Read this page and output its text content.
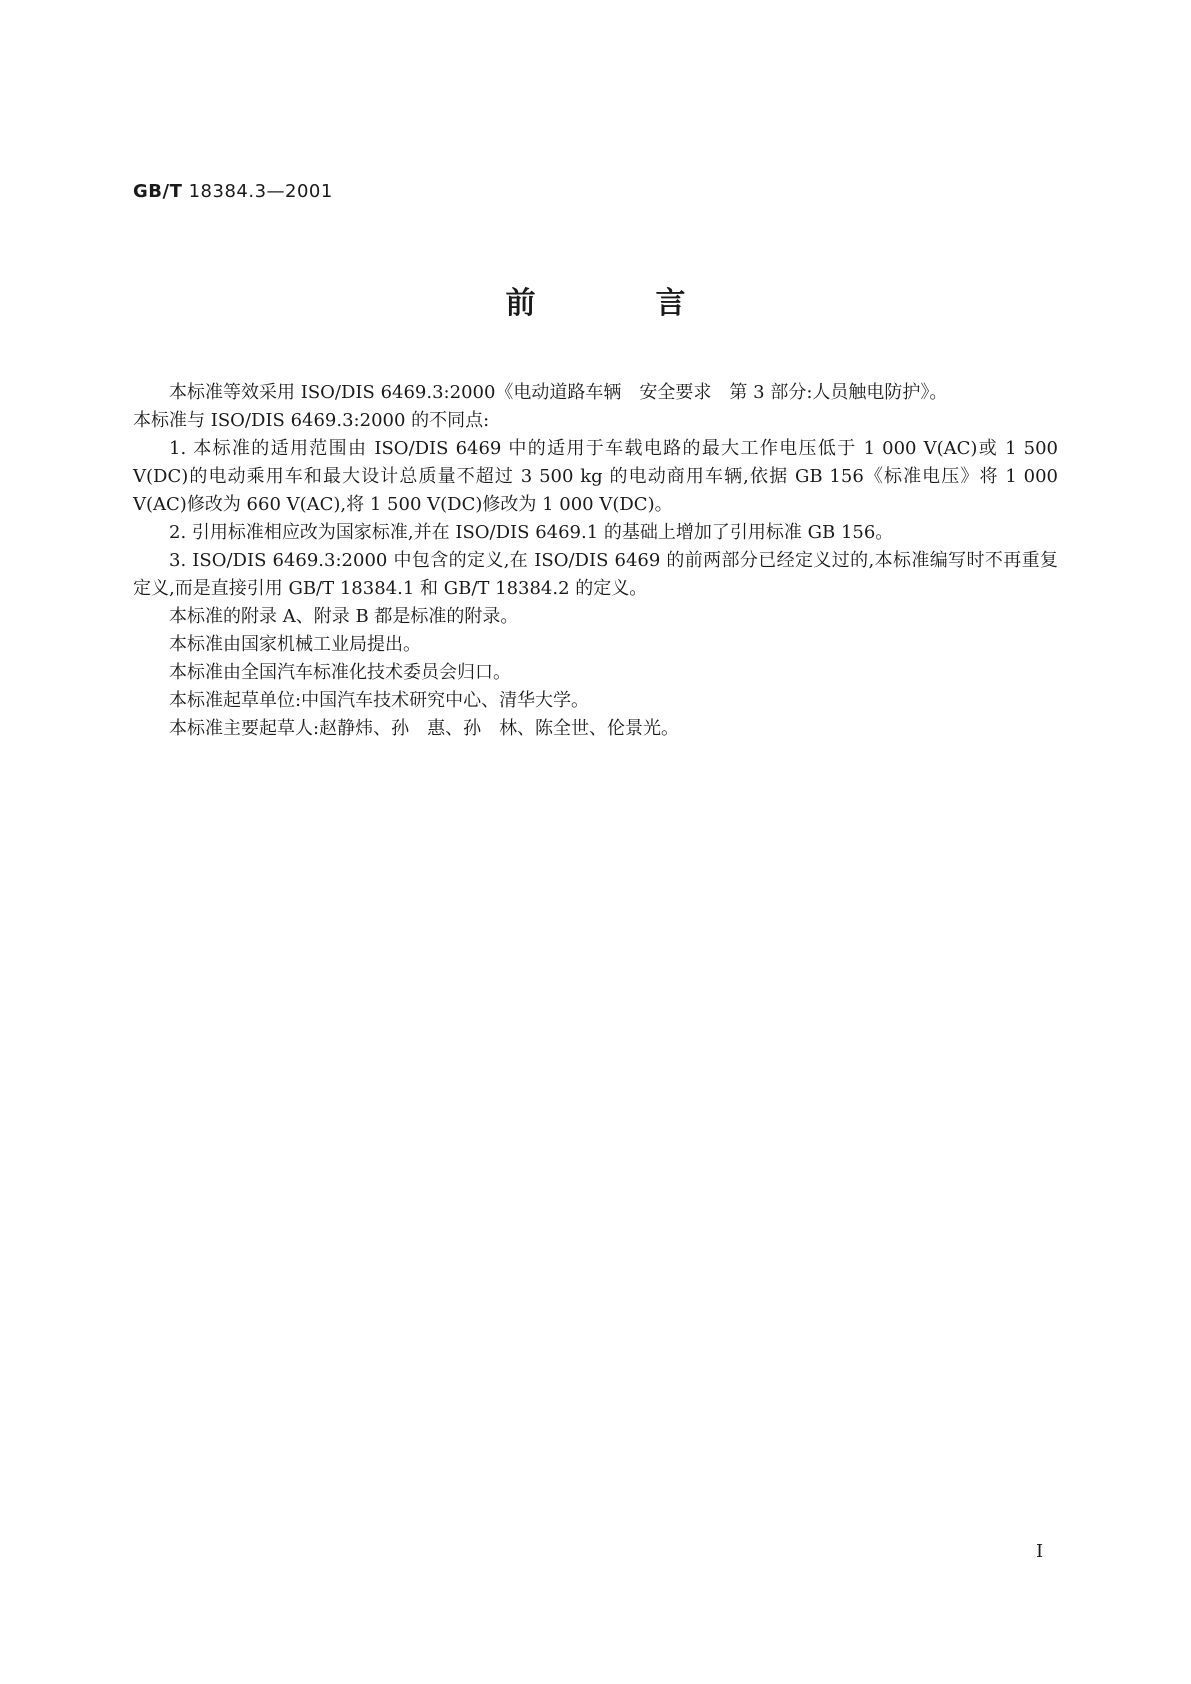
GB/T 18384.3—2001
前言

本标准等效采用 ISO/DIS 6469.3:2000《电动道路车辆　安全要求　第 3 部分:人员触电防护》。

本标准与 ISO/DIS 6469.3:2000 的不同点:

1. 本标准的适用范围由 ISO/DIS 6469 中的适用于车载电路的最大工作电压低于 1 000 V(AC)或 1 500 V(DC)的电动乘用车和最大设计总质量不超过 3 500 kg 的电动商用车辆,依据 GB 156《标准电压》将 1 000 V(AC)修改为 660 V(AC),将 1 500 V(DC)修改为 1 000 V(DC)。

2. 引用标准相应改为国家标准,并在 ISO/DIS 6469.1 的基础上增加了引用标准 GB 156。

3. ISO/DIS 6469.3:2000 中包含的定义,在 ISO/DIS 6469 的前两部分已经定义过的,本标准编写时不再重复定义,而是直接引用 GB/T 18384.1 和 GB/T 18384.2 的定义。

本标准的附录 A、附录 B 都是标准的附录。

本标准由国家机械工业局提出。

本标准由全国汽车标准化技术委员会归口。

本标准起草单位:中国汽车技术研究中心、清华大学。

本标准主要起草人:赵静炜、孙　惠、孙　林、陈全世、伦景光。

I
